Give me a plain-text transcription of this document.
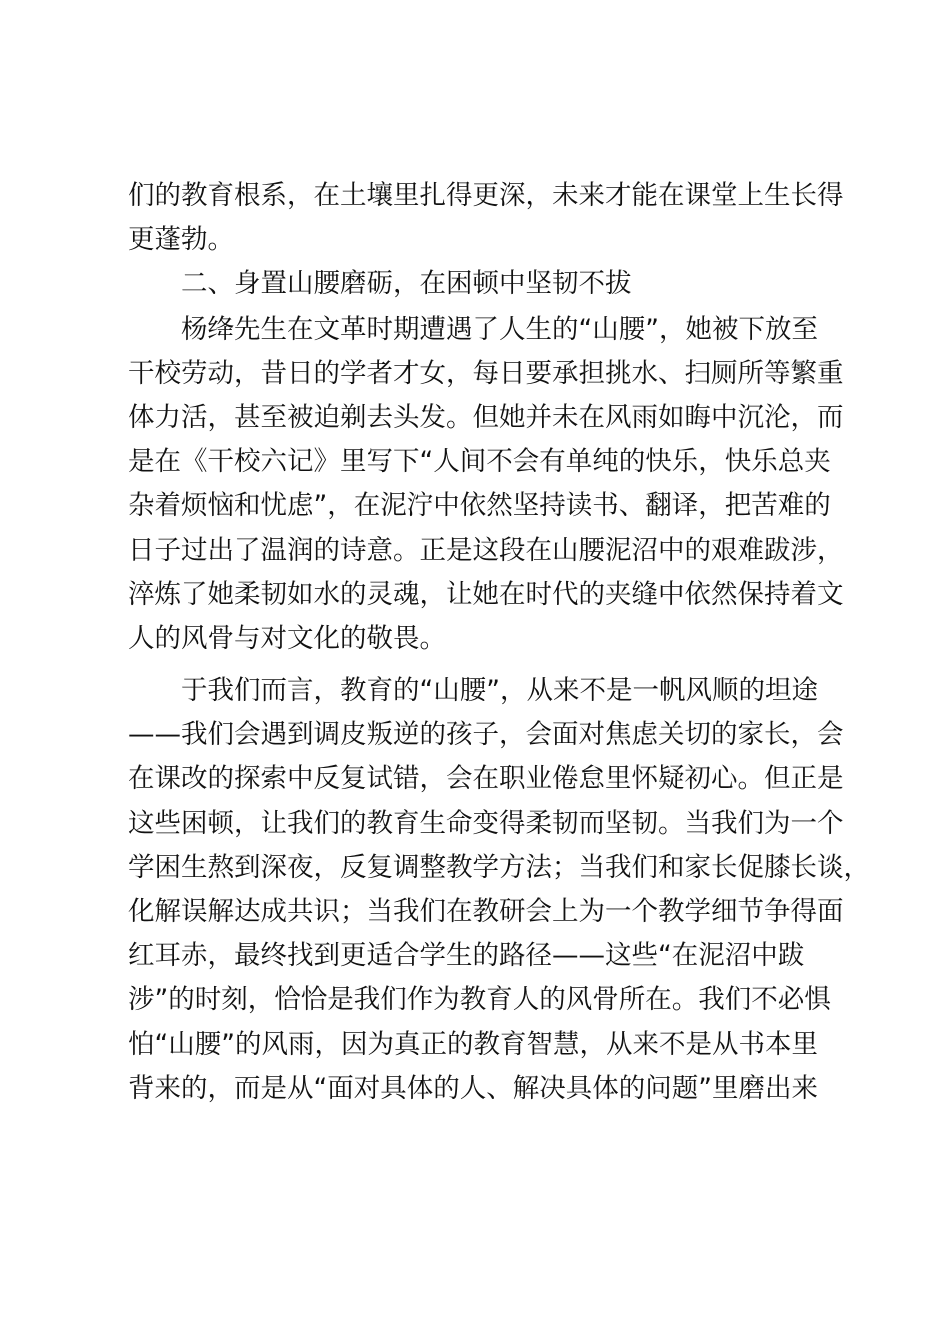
们的教育根系，在土壤里扎得更深，未来才能在课堂上生长得
更蓬勃。
二、身置山腰磨砺，在困顿中坚韧不拔
杨绛先生在文革时期遭遇了人生的“山腰”，她被下放至
干校劳动，昔日的学者才女，每日要承担挑水、扫厕所等繁重
体力活，甚至被迫剃去头发。但她并未在风雨如晦中沉沦，而
是在《干校六记》里写下“人间不会有单纯的快乐，快乐总夹
杂着烦恼和忧虑”，在泥泞中依然坚持读书、翻译，把苦难的
日子过出了温润的诗意。正是这段在山腰泥沼中的艰难跋涉，
淬炼了她柔韧如水的灵魂，让她在时代的夹缝中依然保持着文
人的风骨与对文化的敬畏。
于我们而言，教育的“山腰”，从来不是一帆风顺的坦途
——我们会遇到调皮叛逆的孩子，会面对焦虑关切的家长，会
在课改的探索中反复试错，会在职业倦怠里怀疑初心。但正是
这些困顿，让我们的教育生命变得柔韧而坚韧。当我们为一个
学困生熬到深夜，反复调整教学方法；当我们和家长促膝长谈，
化解误解达成共识；当我们在教研会上为一个教学细节争得面
红耳赤，最终找到更适合学生的路径——这些“在泥沼中跋
涉”的时刻，恰恰是我们作为教育人的风骨所在。我们不必惧
怕“山腰”的风雨，因为真正的教育智慧，从来不是从书本里
背来的，而是从“面对具体的人、解决具体的问题”里磨出来
